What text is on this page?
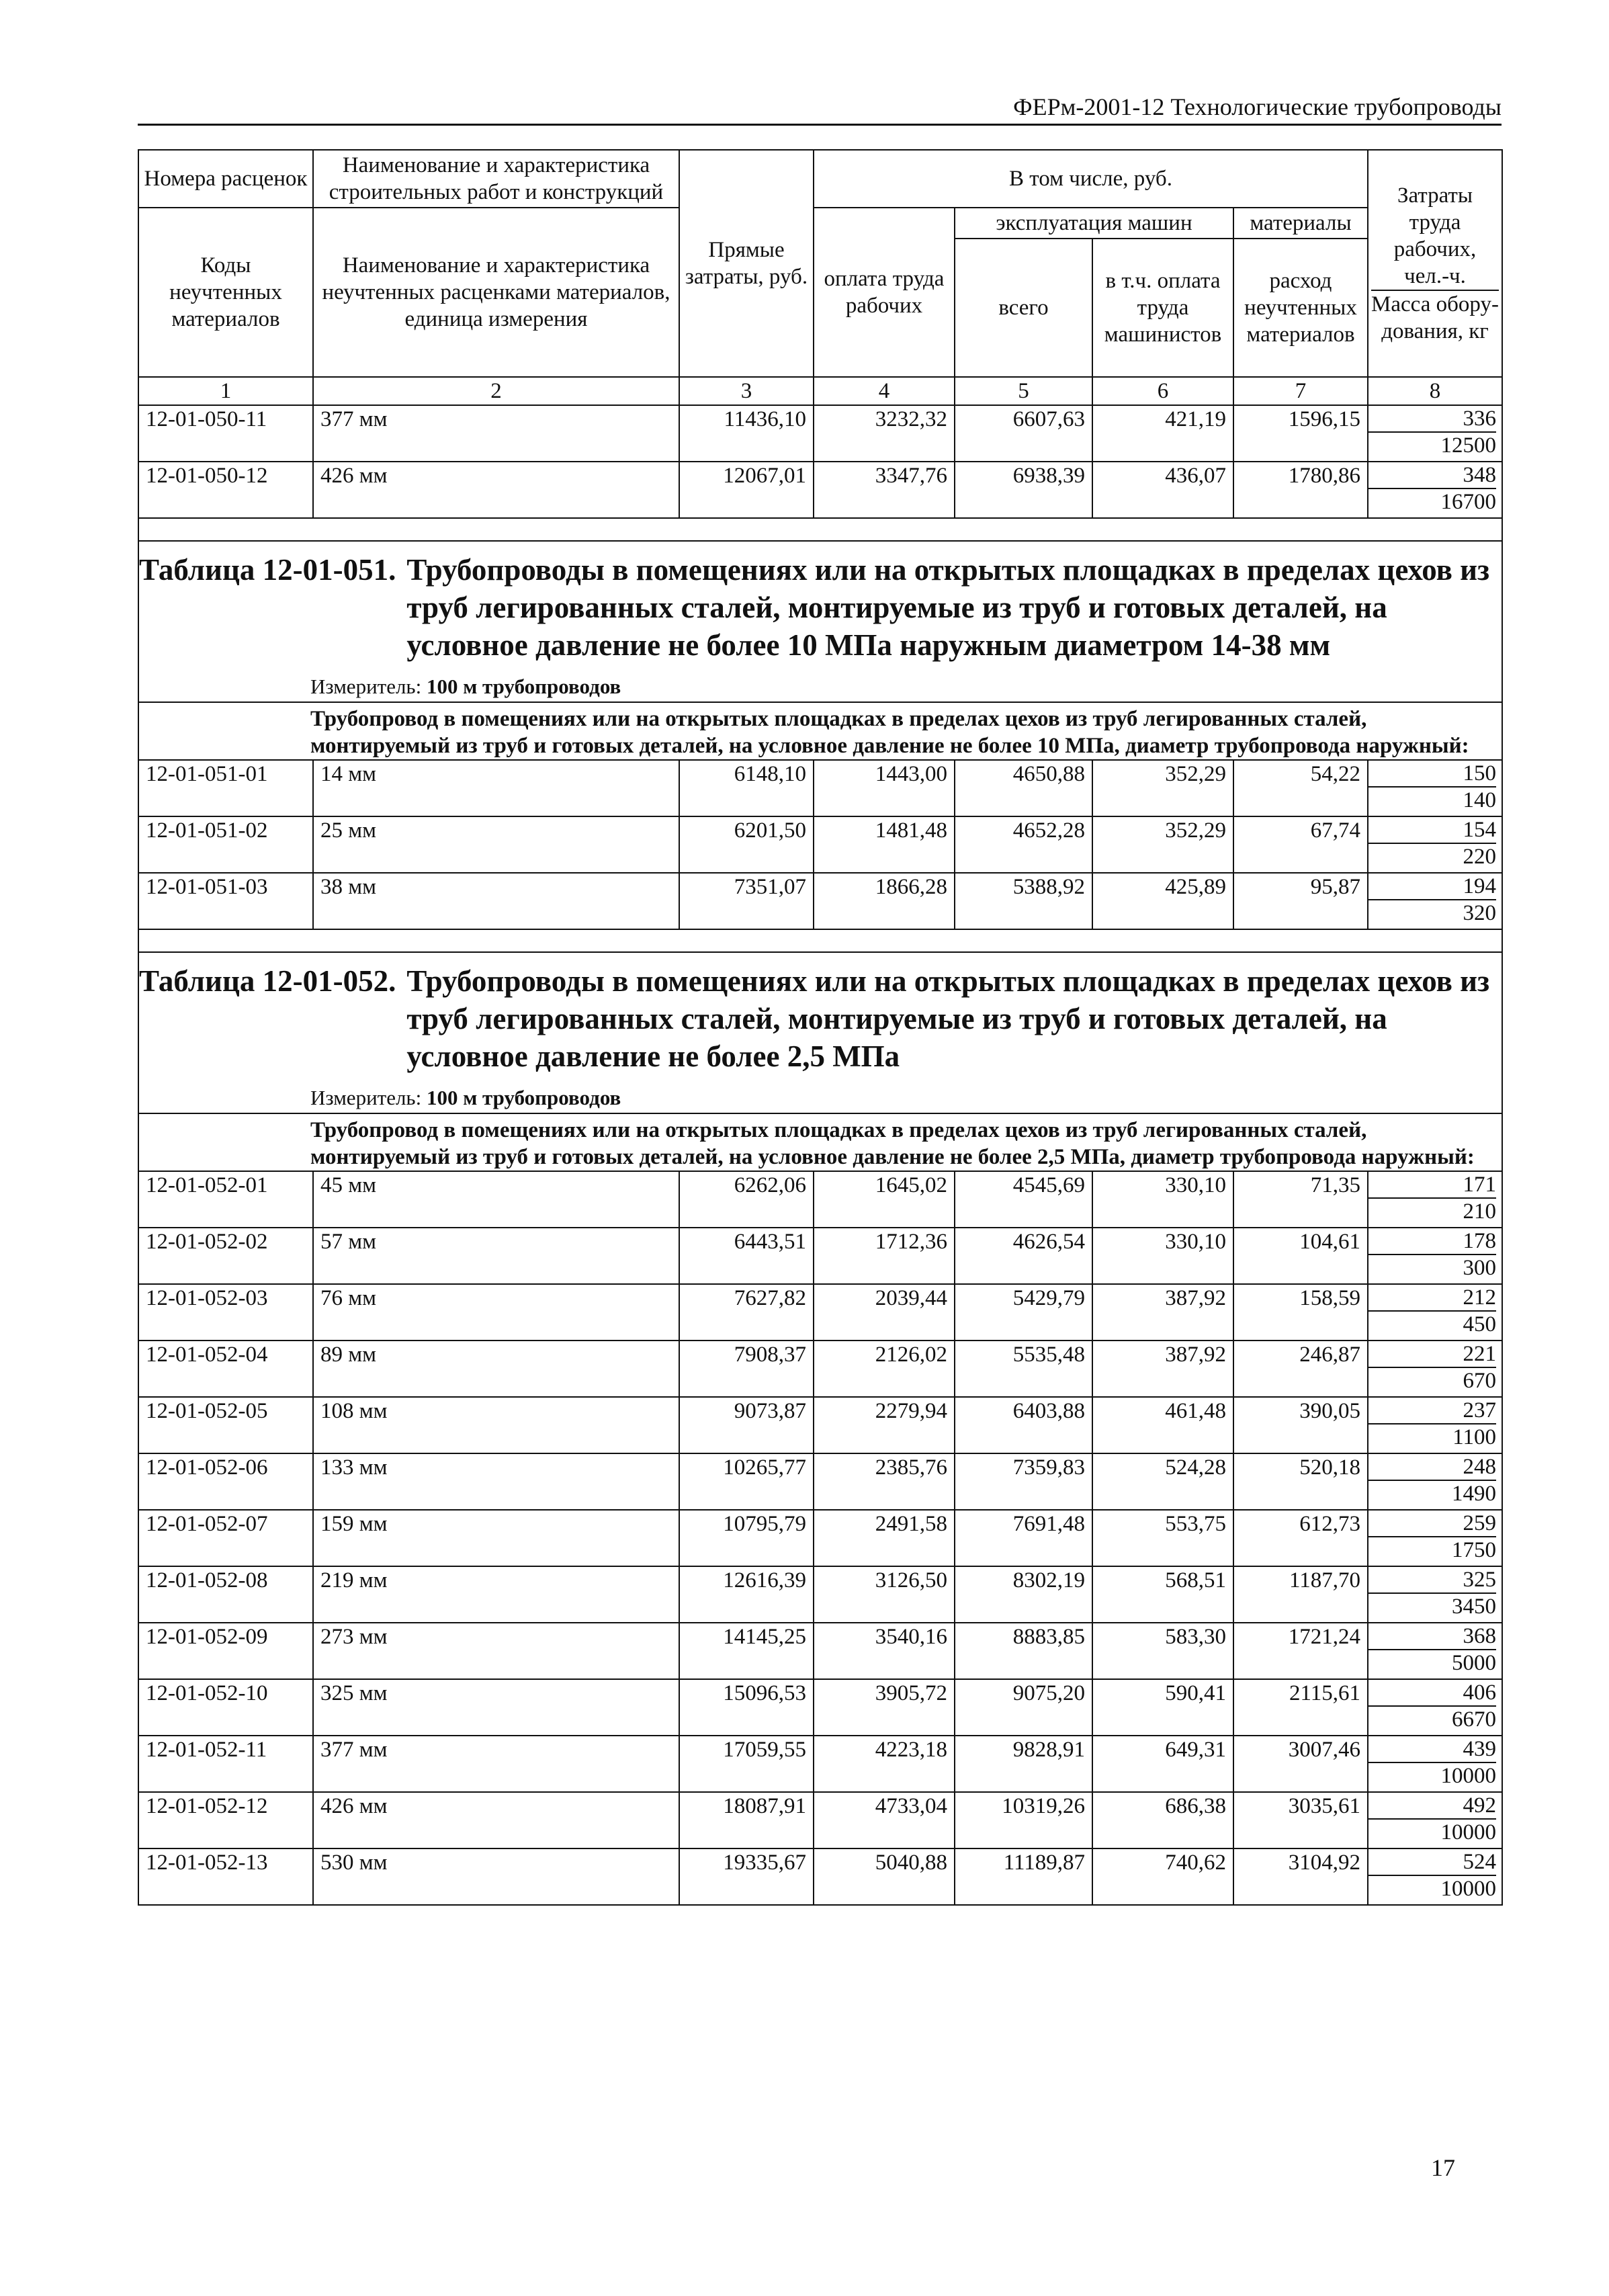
ФЕРм-2001-12 Технологические трубопроводы
Номера расценок	Наименование и характеристика строительных работ и конструкций	Прямые затраты, руб.	В том числе, руб.				Затраты труда рабочих, чел.-ч.
Масса обору-дования, кг

Коды неучтенных материалов	Наименование и характеристика неучтенных расценками материалов, единица измерения		оплата труда рабочих	эксплуатация машин		материалы	
				всего	в т.ч. оплата труда машинистов	расход неучтенных материалов	
1	2	3	4	5	6	7	8
12-01-050-11	377 мм	11436,10	3232,32	6607,63	421,19	1596,15	336
12500

12-01-050-12	426 мм	12067,01	3347,76	6938,39	436,07	1780,86	348
16700

Таблица 12-01-051. Трубопроводы в помещениях или на открытых площадках в пределах цехов из труб легированных сталей, монтируемые из труб и готовых деталей, на условное давление не более 10 МПа наружным диаметром 14-38 мм
Измеритель: 100 м трубопроводов							

Трубопровод в помещениях или на открытых площадках в пределах цехов из труб легированных сталей, монтируемый из труб и готовых деталей, на условное давление не более 10 МПа, диаметр трубопровода наружный:							
12-01-051-01	14 мм	6148,10	1443,00	4650,88	352,29	54,22	150
140

12-01-051-02	25 мм	6201,50	1481,48	4652,28	352,29	67,74	154
220

12-01-051-03	38 мм	7351,07	1866,28	5388,92	425,89	95,87	194
320

Таблица 12-01-052. Трубопроводы в помещениях или на открытых площадках в пределах цехов из труб легированных сталей, монтируемые из труб и готовых деталей, на условное давление не более 2,5 МПа
Измеритель: 100 м трубопроводов							

Трубопровод в помещениях или на открытых площадках в пределах цехов из труб легированных сталей, монтируемый из труб и готовых деталей, на условное давление не более 2,5 МПа, диаметр трубопровода наружный:							
12-01-052-01	45 мм	6262,06	1645,02	4545,69	330,10	71,35	171
210

12-01-052-02	57 мм	6443,51	1712,36	4626,54	330,10	104,61	178
300

12-01-052-03	76 мм	7627,82	2039,44	5429,79	387,92	158,59	212
450

12-01-052-04	89 мм	7908,37	2126,02	5535,48	387,92	246,87	221
670

12-01-052-05	108 мм	9073,87	2279,94	6403,88	461,48	390,05	237
1100

12-01-052-06	133 мм	10265,77	2385,76	7359,83	524,28	520,18	248
1490

12-01-052-07	159 мм	10795,79	2491,58	7691,48	553,75	612,73	259
1750

12-01-052-08	219 мм	12616,39	3126,50	8302,19	568,51	1187,70	325
3450

12-01-052-09	273 мм	14145,25	3540,16	8883,85	583,30	1721,24	368
5000

12-01-052-10	325 мм	15096,53	3905,72	9075,20	590,41	2115,61	406
6670

12-01-052-11	377 мм	17059,55	4223,18	9828,91	649,31	3007,46	439
10000

12-01-052-12	426 мм	18087,91	4733,04	10319,26	686,38	3035,61	492
10000

12-01-052-13	530 мм	19335,67	5040,88	11189,87	740,62	3104,92	524
10000
17
